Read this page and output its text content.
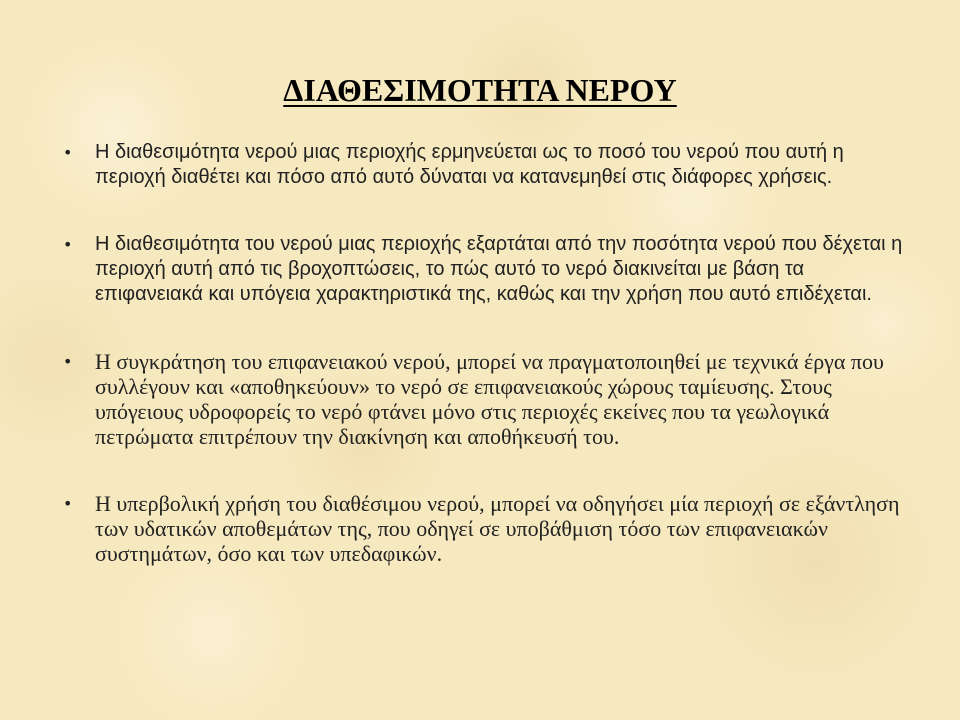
ΔΙΑΘΕΣΙΜΟΤΗΤΑ ΝΕΡΟΥ
• Η διαθεσιμότητα νερού μιας περιοχής ερμηνεύεται ως το ποσό του νερού που αυτή η περιοχή διαθέτει και πόσο από αυτό δύναται να κατανεμηθεί στις διάφορες χρήσεις.
• Η διαθεσιμότητα του νερού μιας περιοχής εξαρτάται από την ποσότητα νερού που δέχεται η περιοχή αυτή από τις βροχοπτώσεις, το πώς αυτό το νερό διακινείται με βάση τα επιφανειακά και υπόγεια χαρακτηριστικά της, καθώς και την χρήση που αυτό επιδέχεται.
• Η συγκράτηση του επιφανειακού νερού, μπορεί να πραγματοποιηθεί με τεχνικά έργα που συλλέγουν και «αποθηκεύουν» το νερό σε επιφανειακούς χώρους ταμίευσης. Στους υπόγειους υδροφορείς το νερό φτάνει μόνο στις περιοχές εκείνες που τα γεωλογικά πετρώματα επιτρέπουν την διακίνηση και αποθήκευσή του.
• Η υπερβολική χρήση του διαθέσιμου νερού, μπορεί να οδηγήσει μία περιοχή σε εξάντληση των υδατικών αποθεμάτων της, που οδηγεί σε υποβάθμιση τόσο των επιφανειακών συστημάτων, όσο και των υπεδαφικών.
